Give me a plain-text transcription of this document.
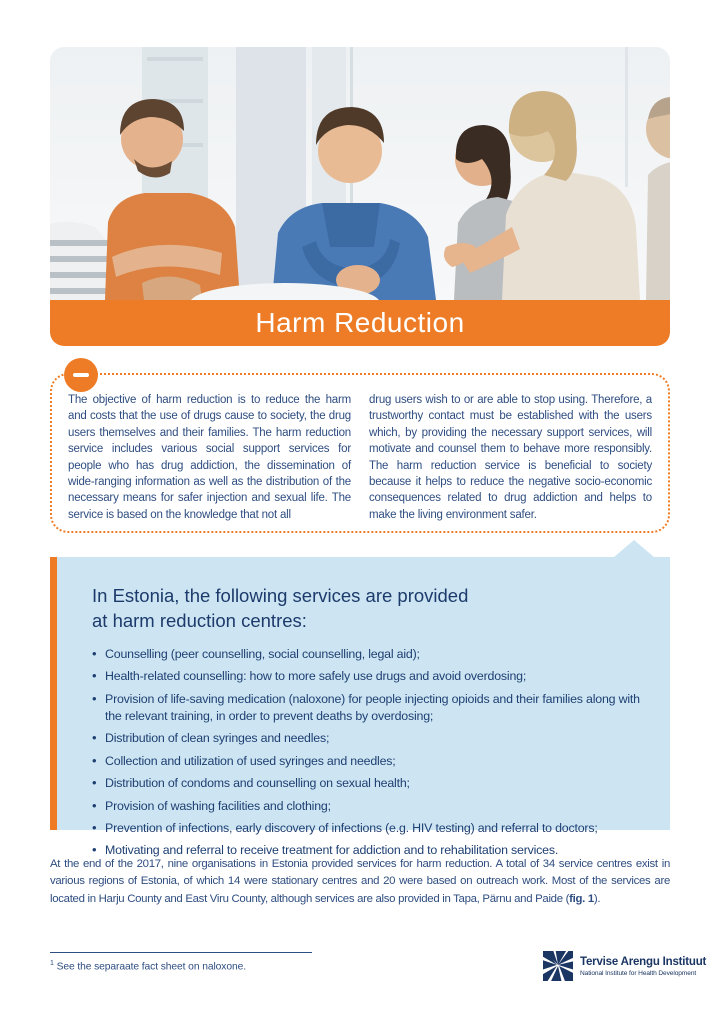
Harm Reduction
The objective of harm reduction is to reduce the harm and costs that the use of drugs cause to society, the drug users themselves and their families. The harm reduction service includes various social support services for people who has drug addiction, the dissemination of wide-ranging information as well as the distribution of the necessary means for safer injection and sexual life. The service is based on the knowledge that not all
drug users wish to or are able to stop using. Therefore, a trustworthy contact must be established with the users which, by providing the necessary support services, will motivate and counsel them to behave more responsibly. The harm reduction service is beneficial to society because it helps to reduce the negative socio-economic consequences related to drug addiction and helps to make the living environment safer.
In Estonia, the following services are provided
at harm reduction centres:
• Counselling (peer counselling, social counselling, legal aid);
• Health-related counselling: how to more safely use drugs and avoid overdosing;
• Provision of life-saving medication (naloxone) for people injecting opioids and their families along with the relevant training, in order to prevent deaths by overdosing;
• Distribution of clean syringes and needles;
• Collection and utilization of used syringes and needles;
• Distribution of condoms and counselling on sexual health;
• Provision of washing facilities and clothing;
• Prevention of infections, early discovery of infections (e.g. HIV testing) and referral to doctors;
• Motivating and referral to receive treatment for addiction and to rehabilitation services.

At the end of the 2017, nine organisations in Estonia provided services for harm reduction. A total of 34 service centres exist in various regions of Estonia, of which 14 were stationary centres and 20 were based on outreach work. Most of the services are located in Harju County and East Viru County, although services are also provided in Tapa, Pärnu and Paide (fig. 1).

$^1$ See the separaate fact sheet on naloxone.	Tervise Arengu Instituut
National Institute for Health Development
